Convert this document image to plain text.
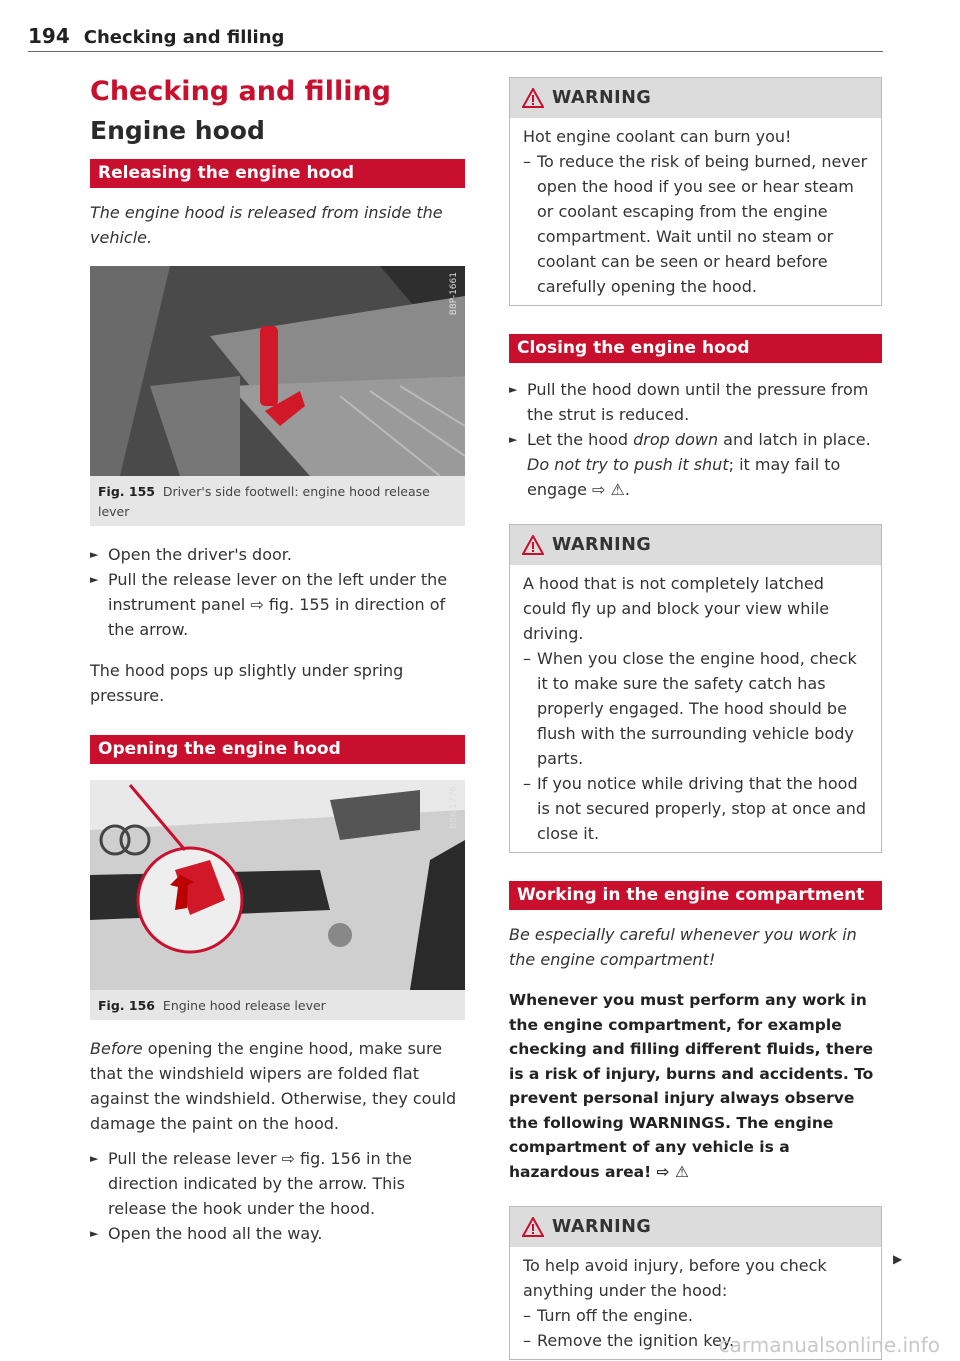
194 Checking and filling
Checking and filling
Engine hood
Releasing the engine hood
The engine hood is released from inside the vehicle.
B8P-1661
Fig. 155 Driver's side footwell: engine hood release lever
► Open the driver's door.
► Pull the release lever on the left under the instrument panel ⇨ fig. 155 in direction of the arrow.

The hood pops up slightly under spring pressure.

Opening the engine hood
B8K-1776
Fig. 156 Engine hood release lever

Before opening the engine hood, make sure that the windshield wipers are folded flat against the windshield. Otherwise, they could damage the paint on the hood.

► Pull the release lever ⇨ fig. 156 in the direction indicated by the arrow. This release the hook under the hood.
► Open the hood all the way.
WARNING

Hot engine coolant can burn you!

– To reduce the risk of being burned, never open the hood if you see or hear steam or coolant escaping from the engine compartment. Wait until no steam or coolant can be seen or heard before carefully opening the hood.
Closing the engine hood
► Pull the hood down until the pressure from the strut is reduced.
► Let the hood drop down and latch in place. Do not try to push it shut; it may fail to engage ⇨ ⚠.
WARNING

A hood that is not completely latched could fly up and block your view while driving.

– When you close the engine hood, check it to make sure the safety catch has properly engaged. The hood should be flush with the surrounding vehicle body parts.
– If you notice while driving that the hood is not secured properly, stop at once and close it.
Working in the engine compartment
Be especially careful whenever you work in the engine compartment!

Whenever you must perform any work in the engine compartment, for example checking and filling different fluids, there is a risk of injury, burns and accidents. To prevent personal injury always observe the following WARNINGS. The engine compartment of any vehicle is a hazardous area! ⇨ ⚠

WARNING

To help avoid injury, before you check anything under the hood:

– Turn off the engine.
– Remove the ignition key.
▶
carmanualsonline.info
